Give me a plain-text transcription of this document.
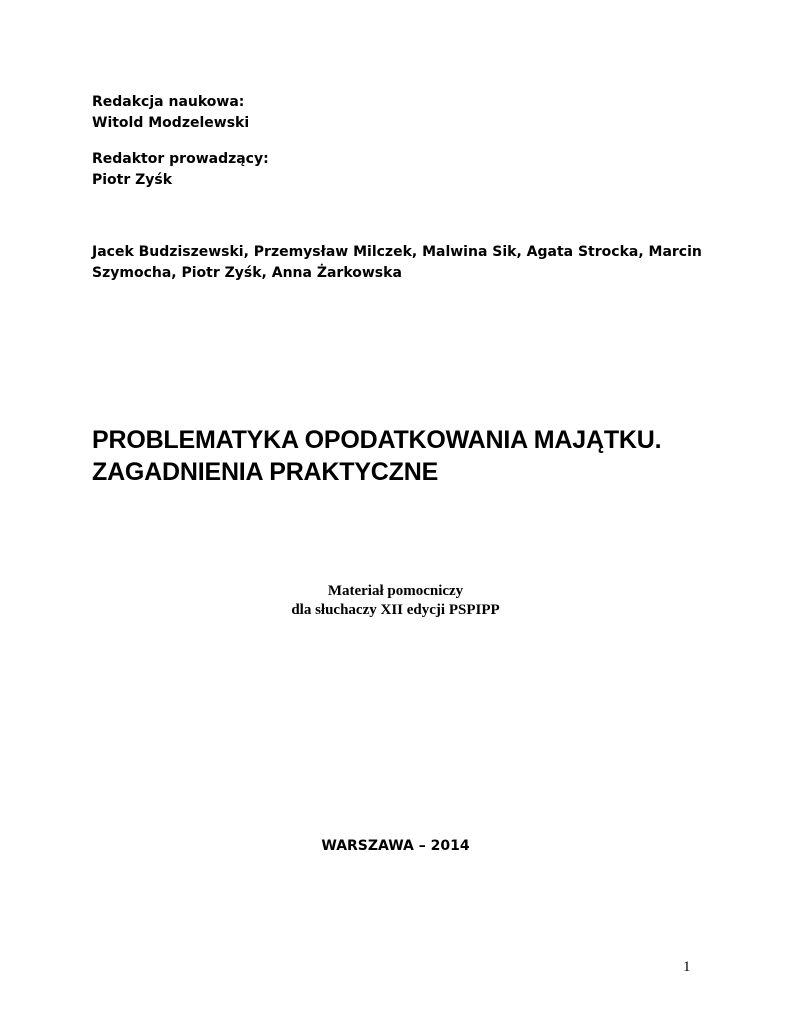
Redakcja naukowa:
Witold Modzelewski
Redaktor prowadzący:
Piotr Zyśk
Jacek Budziszewski, Przemysław Milczek, Malwina Sik, Agata Strocka, Marcin
Szymocha, Piotr Zyśk, Anna Żarkowska
PROBLEMATYKA OPODATKOWANIA MAJĄTKU.
ZAGADNIENIA PRAKTYCZNE
Materiał pomocniczy
dla słuchaczy XII edycji PSPIPP
WARSZAWA – 2014
1
